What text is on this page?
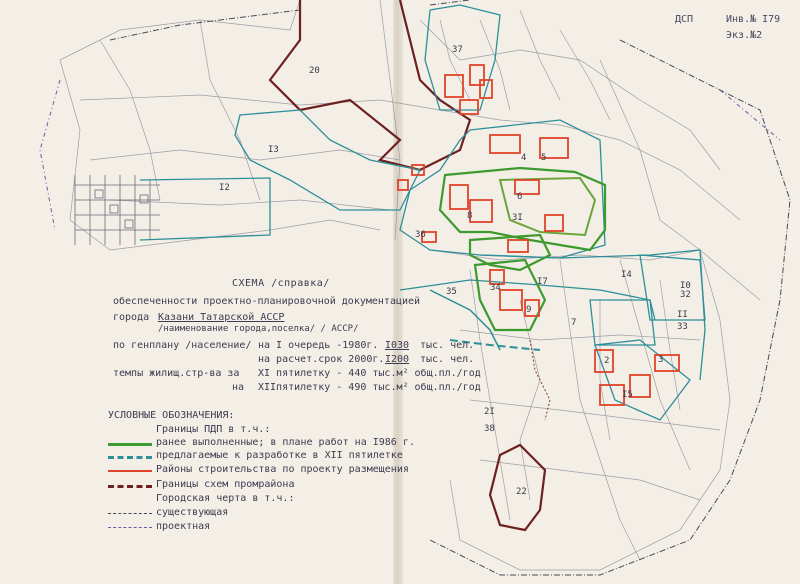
37
20
I3
I2
4 5
6
8	3I
36
I7
34
35
9
7
I4
I0
32
II
33
2	3
I5
2I
38
22
ДСП	Инв.№ I79
Экз.№2
СХЕМА /справка/
обеспеченности проектно-планировочной документацией
города Казани Татарской АССР
/наименование города,поселка/ / АССР/
по генплану /население/ на I очередь -1980г. I030 тыс. чел.
на расчет.срок 2000г. I200 тыс. чел.
темпы жилищ.стр-ва за XI пятилетку - 440 тыс.м² общ.пл./год
на XIIпятилетку - 490 тыс.м² общ.пл./год
УСЛОВНЫЕ ОБОЗНАЧЕНИЯ:
Границы ПДП в т.ч.:
ранее выполненные; в плане работ на I986 г.
предлагаемые к разработке в XII пятилетке
Районы строительства по проекту размещения
Границы схем промрайона
Городская черта в т.ч.:
существующая
проектная
